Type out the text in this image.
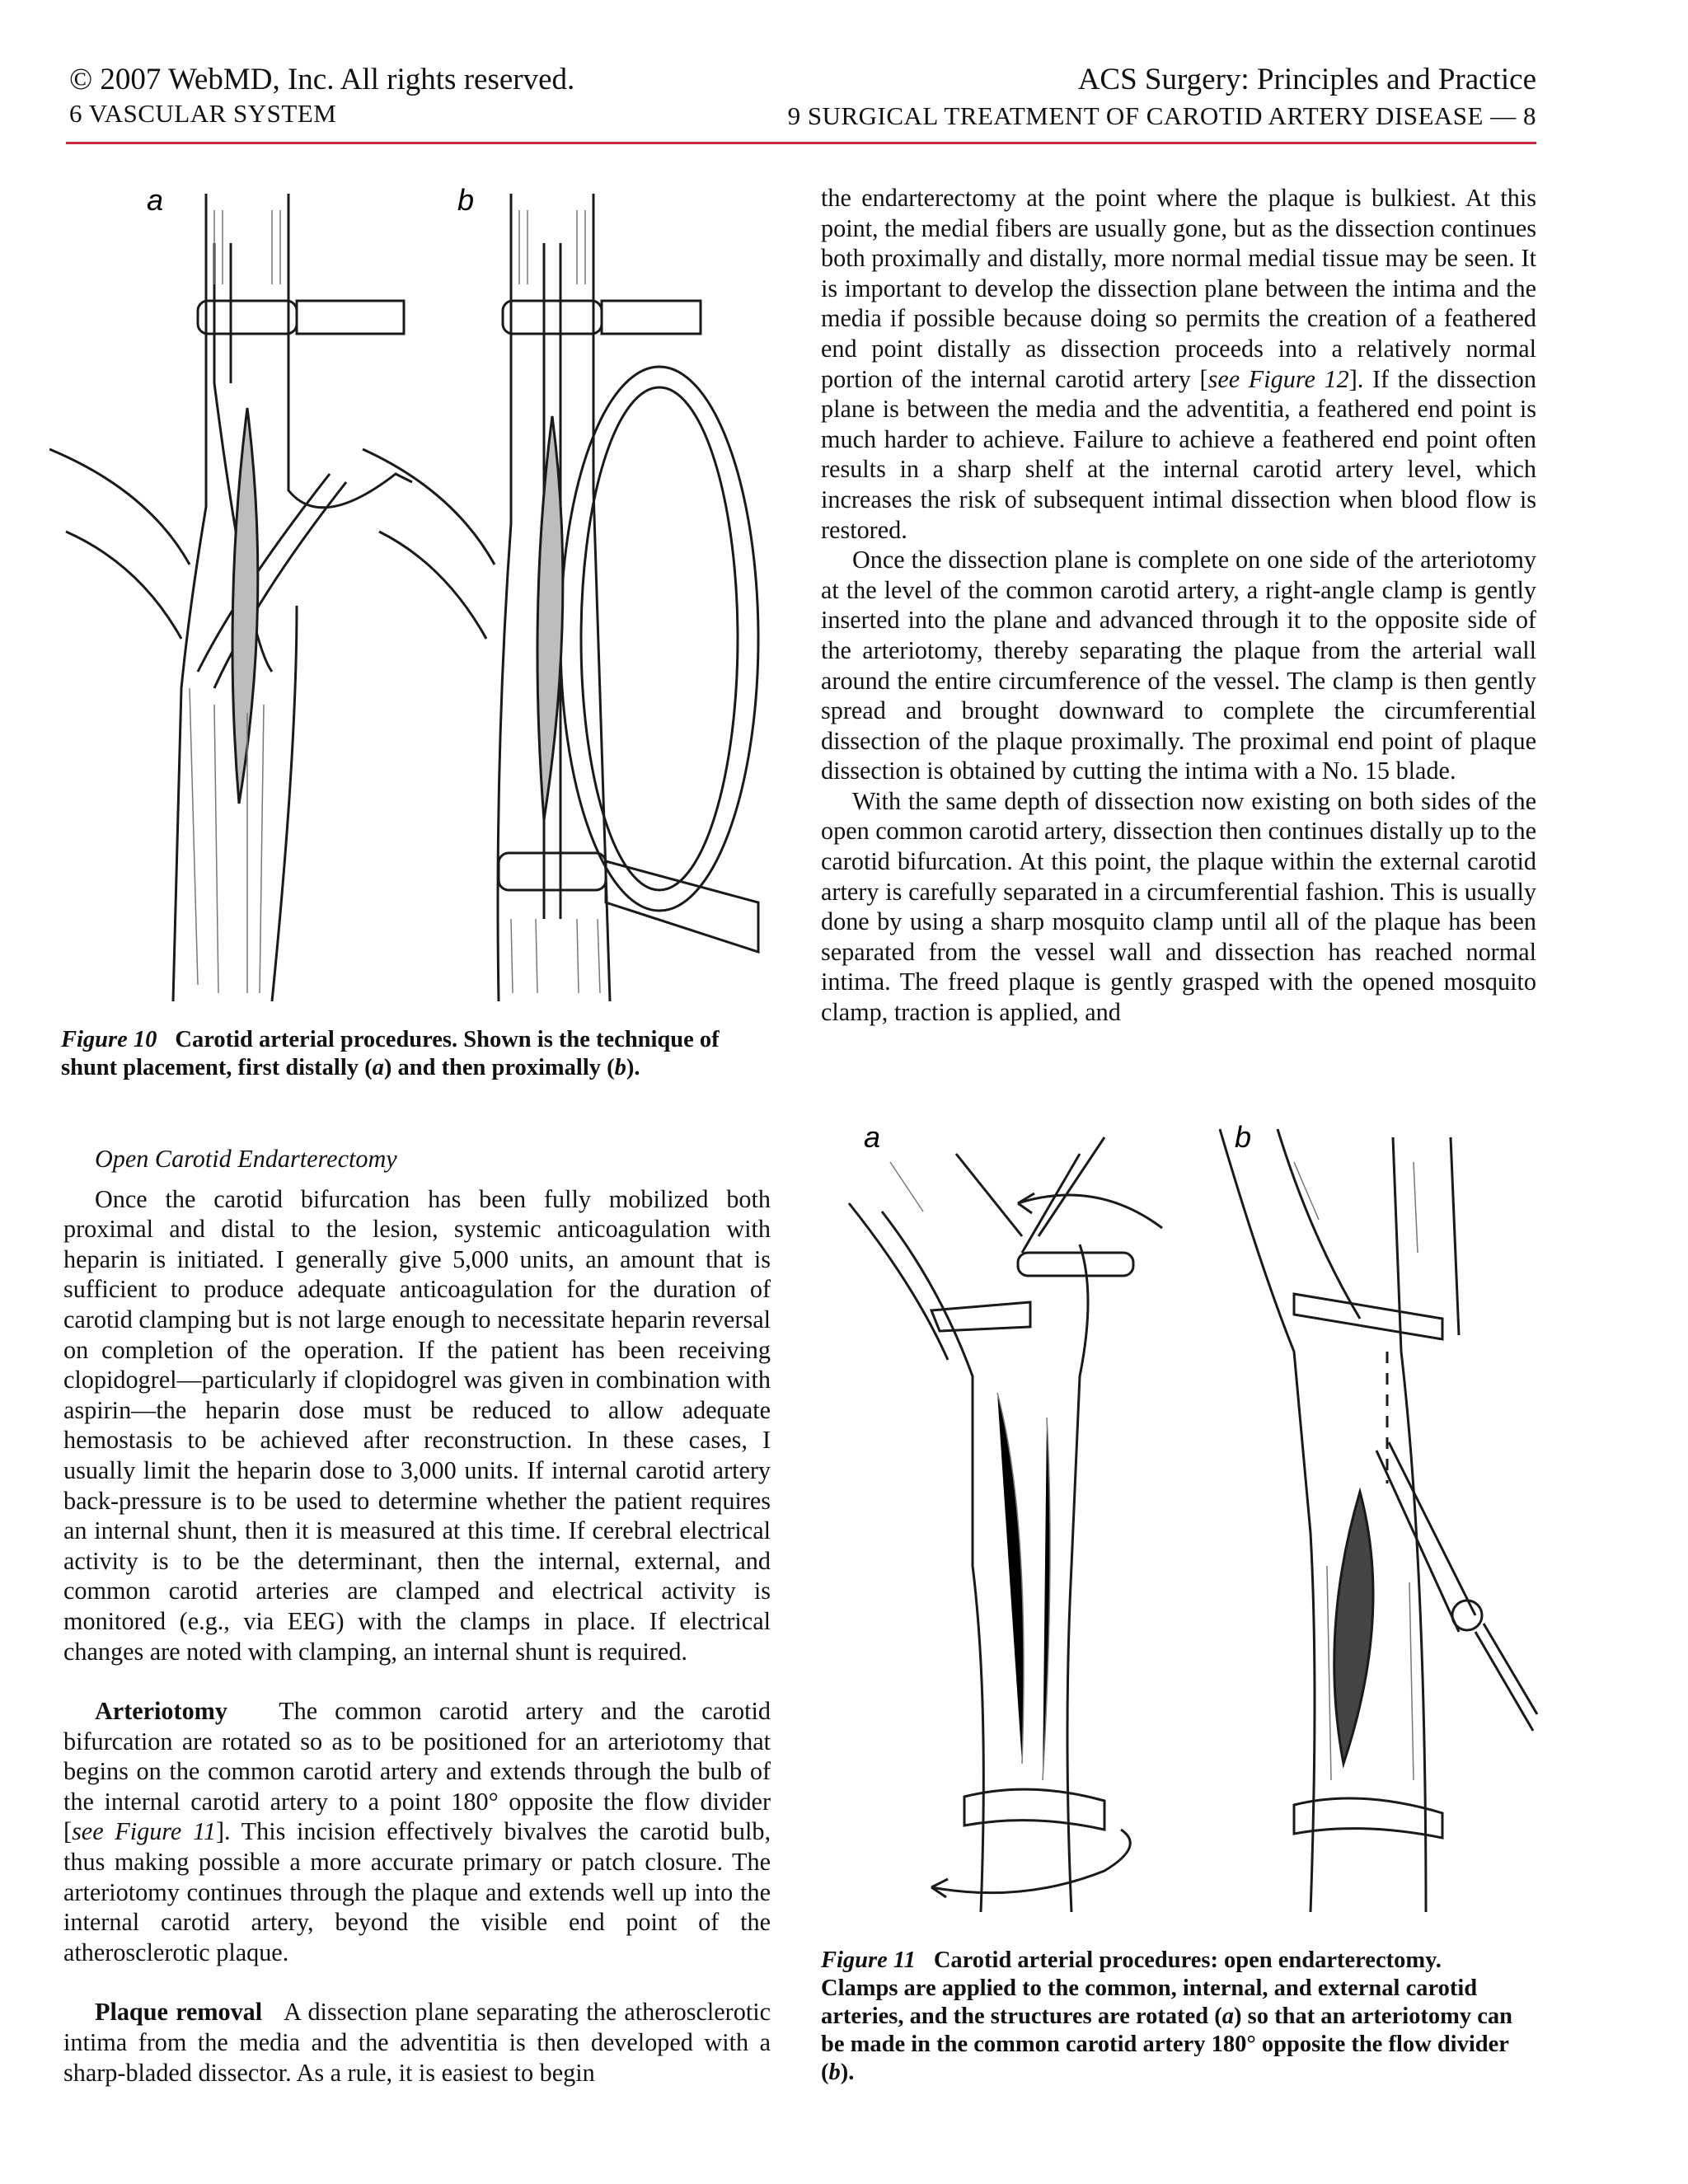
© 2007 WebMD, Inc. All rights reserved.
6 VASCULAR SYSTEM
ACS Surgery: Principles and Practice
9 SURGICAL TREATMENT OF CAROTID ARTERY DISEASE — 8
a	b
Figure 10 Carotid arterial procedures. Shown is the technique of shunt placement, first distally (a) and then proximally (b).

Open Carotid Endarterectomy

Once the carotid bifurcation has been fully mobilized both proximal and distal to the lesion, systemic anticoagulation with heparin is initiated. I generally give 5,000 units, an amount that is sufficient to produce adequate anticoagulation for the duration of carotid clamping but is not large enough to necessitate heparin reversal on completion of the operation. If the patient has been receiving clopidogrel—particularly if clopidogrel was given in combination with aspirin—the heparin dose must be reduced to allow adequate hemostasis to be achieved after reconstruction. In these cases, I usually limit the heparin dose to 3,000 units. If internal carotid artery back-pressure is to be used to determine whether the patient requires an internal shunt, then it is measured at this time. If cerebral electrical activity is to be the determinant, then the internal, external, and common carotid arteries are clamped and electrical activity is monitored (e.g., via EEG) with the clamps in place. If electrical changes are noted with clamping, an internal shunt is required.

Arteriotomy The common carotid artery and the carotid bifurcation are rotated so as to be positioned for an arteriotomy that begins on the common carotid artery and extends through the bulb of the internal carotid artery to a point 180° opposite the flow divider [see Figure 11]. This incision effectively bivalves the carotid bulb, thus making possible a more accurate primary or patch closure. The arteriotomy continues through the plaque and extends well up into the internal carotid artery, beyond the visible end point of the atherosclerotic plaque.

Plaque removal A dissection plane separating the atherosclerotic intima from the media and the adventitia is then developed with a sharp-bladed dissector. As a rule, it is easiest to begin

the endarterectomy at the point where the plaque is bulkiest. At this point, the medial fibers are usually gone, but as the dissection continues both proximally and distally, more normal medial tissue may be seen. It is important to develop the dissection plane between the intima and the media if possible because doing so permits the creation of a feathered end point distally as dissection proceeds into a relatively normal portion of the internal carotid artery [see Figure 12]. If the dissection plane is between the media and the adventitia, a feathered end point is much harder to achieve. Failure to achieve a feathered end point often results in a sharp shelf at the internal carotid artery level, which increases the risk of subsequent intimal dissection when blood flow is restored.

Once the dissection plane is complete on one side of the arteriotomy at the level of the common carotid artery, a right-angle clamp is gently inserted into the plane and advanced through it to the opposite side of the arteriotomy, thereby separating the plaque from the arterial wall around the entire circumference of the vessel. The clamp is then gently spread and brought downward to complete the circumferential dissection of the plaque proximally. The proximal end point of plaque dissection is obtained by cutting the intima with a No. 15 blade.

With the same depth of dissection now existing on both sides of the open common carotid artery, dissection then continues distally up to the carotid bifurcation. At this point, the plaque within the external carotid artery is carefully separated in a circumferential fashion. This is usually done by using a sharp mosquito clamp until all of the plaque has been separated from the vessel wall and dissection has reached normal intima. The freed plaque is gently grasped with the opened mosquito clamp, traction is applied, and

a	b
Figure 11 Carotid arterial procedures: open endarterectomy. Clamps are applied to the common, internal, and external carotid arteries, and the structures are rotated (a) so that an arteriotomy can be made in the common carotid artery 180° opposite the flow divider (b).
